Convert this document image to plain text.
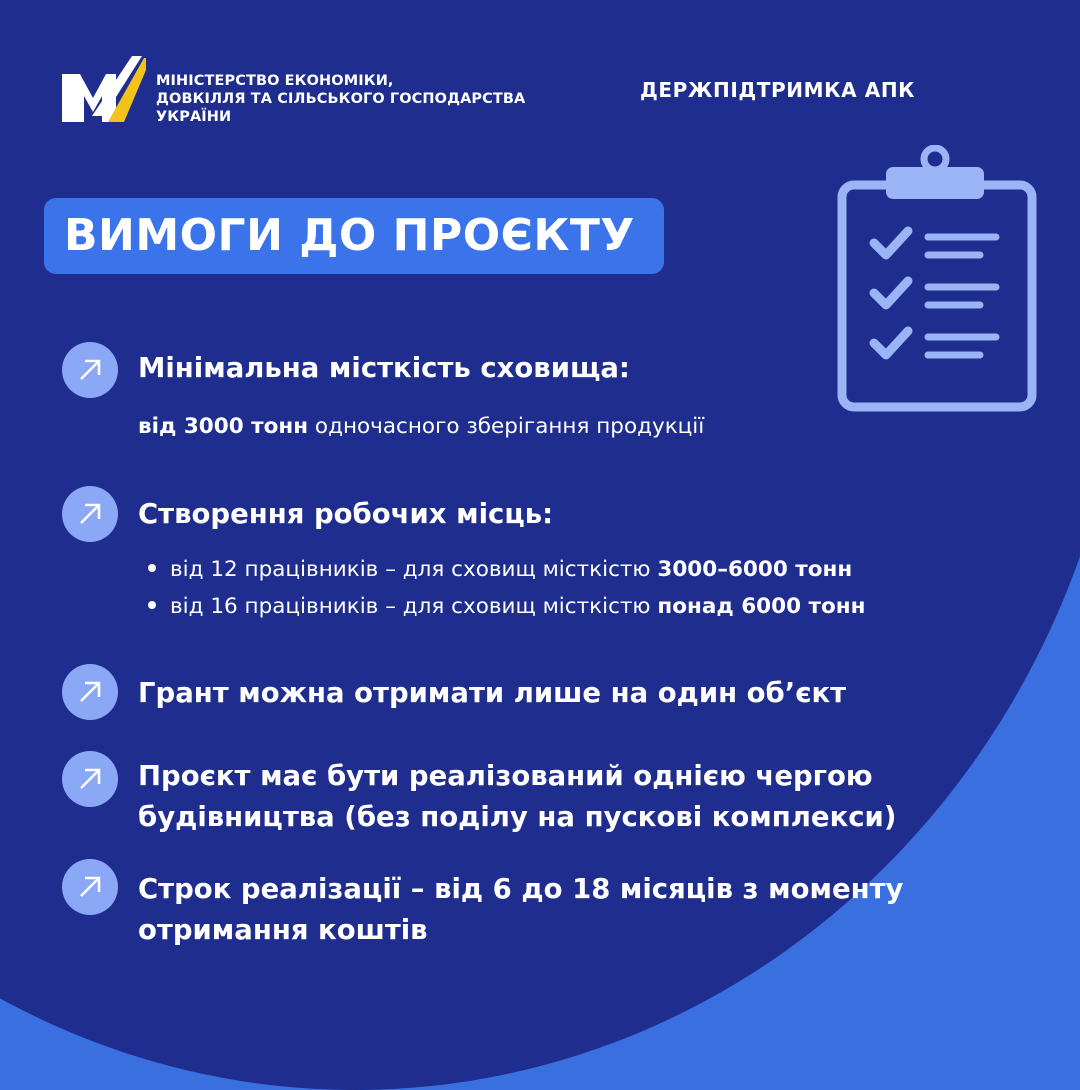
МІНІСТЕРСТВО ЕКОНОМІКИ,
ДОВКІЛЛЯ ТА СІЛЬСЬКОГО ГОСПОДАРСТВА
УКРАЇНИ
ДЕРЖПІДТРИМКА АПК
ВИМОГИ ДО ПРОЄКТУ
Мінімальна місткість сховища:
від 3000 тонн одночасного зберігання продукції
Створення робочих місць:
від 12 працівників – для сховищ місткістю 3000–6000 тонн
від 16 працівників – для сховищ місткістю понад 6000 тонн
Грант можна отримати лише на один об’єкт
Проєкт має бути реалізований однією чергою
будівництва (без поділу на пускові комплекси)
Строк реалізації – від 6 до 18 місяців з моменту
отримання коштів
